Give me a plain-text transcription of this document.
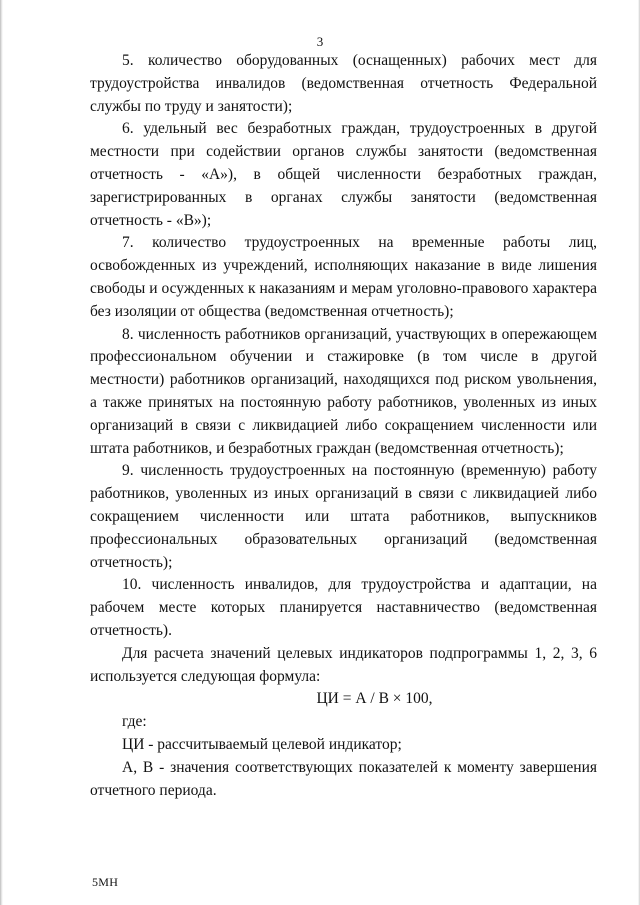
3

5. количество оборудованных (оснащенных) рабочих мест для трудоустройства инвалидов (ведомственная отчетность Федеральной службы по труду и занятости);

6. удельный вес безработных граждан, трудоустроенных в другой местности при содействии органов службы занятости (ведомственная отчетность - «А»), в общей численности безработных граждан, зарегистрированных в органах службы занятости (ведомственная отчетность - «В»);

7. количество трудоустроенных на временные работы лиц, освобожденных из учреждений, исполняющих наказание в виде лишения свободы и осужденных к наказаниям и мерам уголовно-правового характера без изоляции от общества (ведомственная отчетность);

8. численность работников организаций, участвующих в опережающем профессиональном обучении и стажировке (в том числе в другой местности) работников организаций, находящихся под риском увольнения, а также принятых на постоянную работу работников, уволенных из иных организаций в связи с ликвидацией либо сокращением численности или штата работников, и безработных граждан (ведомственная отчетность);

9. численность трудоустроенных на постоянную (временную) работу работников, уволенных из иных организаций в связи с ликвидацией либо сокращением численности или штата работников, выпускников профессиональных образовательных организаций (ведомственная отчетность);

10. численность инвалидов, для трудоустройства и адаптации, на рабочем месте которых планируется наставничество (ведомственная отчетность).

Для расчета значений целевых индикаторов подпрограммы 1, 2, 3, 6 используется следующая формула:

ЦИ = А / В × 100,

где:

ЦИ - рассчитываемый целевой индикатор;

А, В - значения соответствующих показателей к моменту завершения отчетного периода.

5МН
